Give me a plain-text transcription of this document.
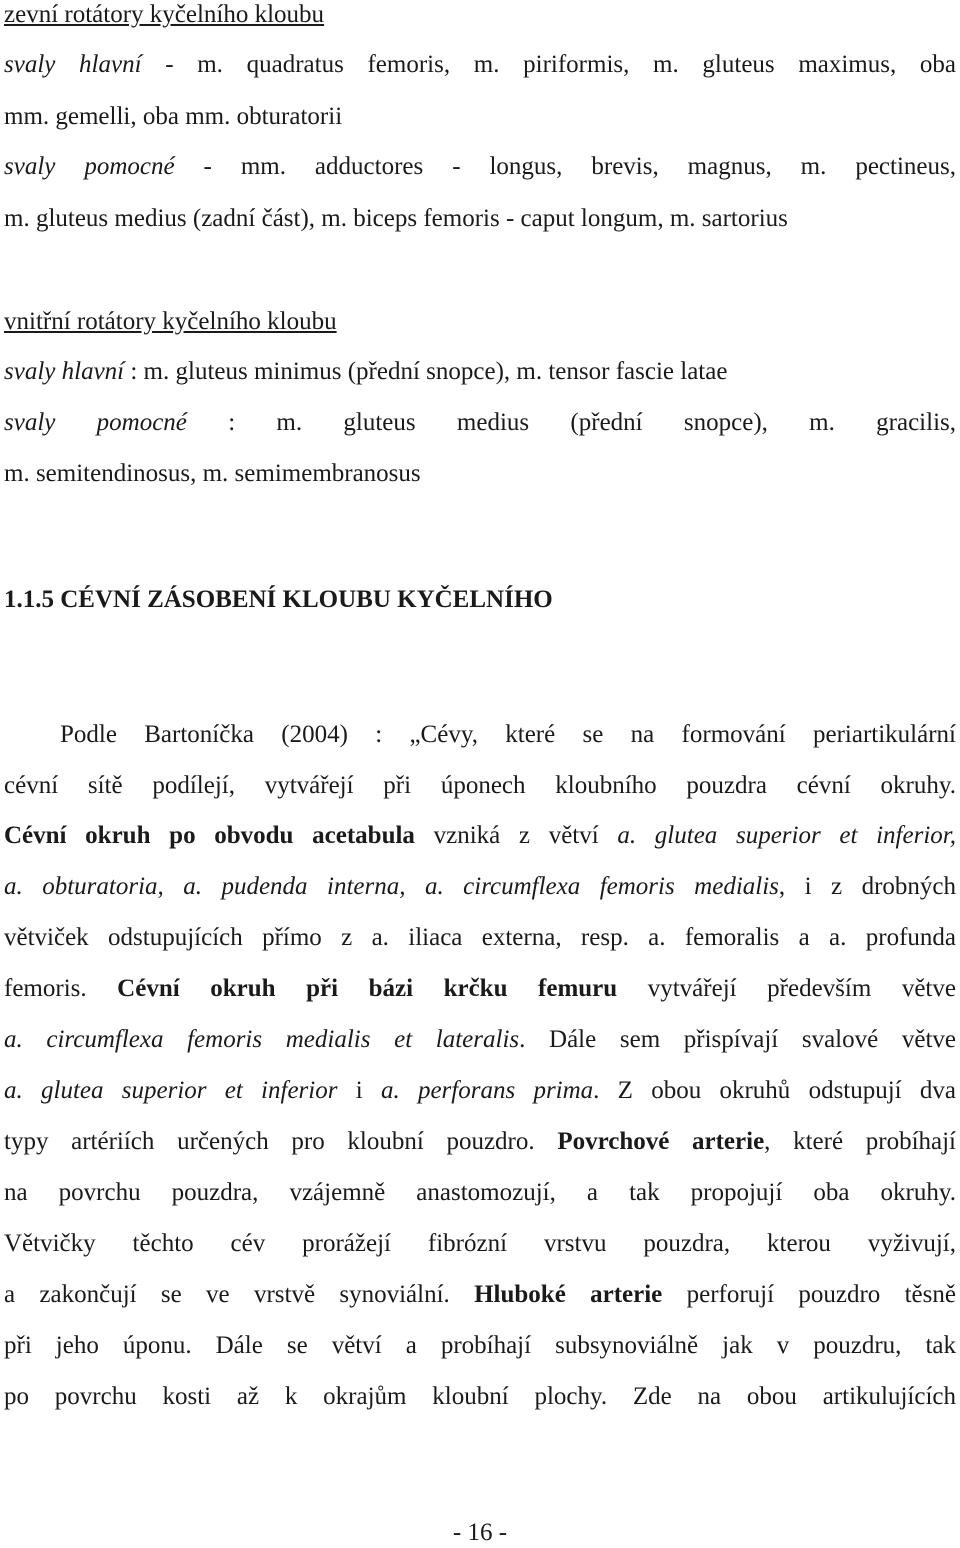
zevní rotátory kyčelního kloubu
svaly hlavní - m. quadratus femoris, m. piriformis, m. gluteus maximus, oba
mm. gemelli, oba mm. obturatorii
svaly pomocné - mm. adductores - longus, brevis, magnus, m. pectineus,
m. gluteus medius (zadní část), m. biceps femoris - caput longum, m. sartorius
vnitřní rotátory kyčelního kloubu
svaly hlavní : m. gluteus minimus (přední snopce), m. tensor fascie latae
svaly pomocné : m. gluteus medius (přední snopce), m. gracilis,
m. semitendinosus, m. semimembranosus
1.1.5 CÉVNÍ ZÁSOBENÍ KLOUBU KYČELNÍHO
Podle Bartoníčka (2004) : „Cévy, které se na formování periartikulární
cévní sítě podílejí, vytvářejí při úponech kloubního pouzdra cévní okruhy.
Cévní okruh po obvodu acetabula vzniká z větví a. glutea superior et inferior,
a. obturatoria, a. pudenda interna, a. circumflexa femoris medialis, i z drobných
větviček odstupujících přímo z a. iliaca externa, resp. a. femoralis a a. profunda
femoris. Cévní okruh při bázi krčku femuru vytvářejí především větve
a. circumflexa femoris medialis et lateralis. Dále sem přispívají svalové větve
a. glutea superior et inferior i a. perforans prima. Z obou okruhů odstupují dva
typy artériích určených pro kloubní pouzdro. Povrchové arterie, které probíhají
na povrchu pouzdra, vzájemně anastomozují, a tak propojují oba okruhy.
Větvičky těchto cév prorážejí fibrózní vrstvu pouzdra, kterou vyživují,
a zakončují se ve vrstvě synoviální. Hluboké arterie perforují pouzdro těsně
při jeho úponu. Dále se větví a probíhají subsynoviálně jak v pouzdru, tak
po povrchu kosti až k okrajům kloubní plochy. Zde na obou artikulujících
- 16 -
